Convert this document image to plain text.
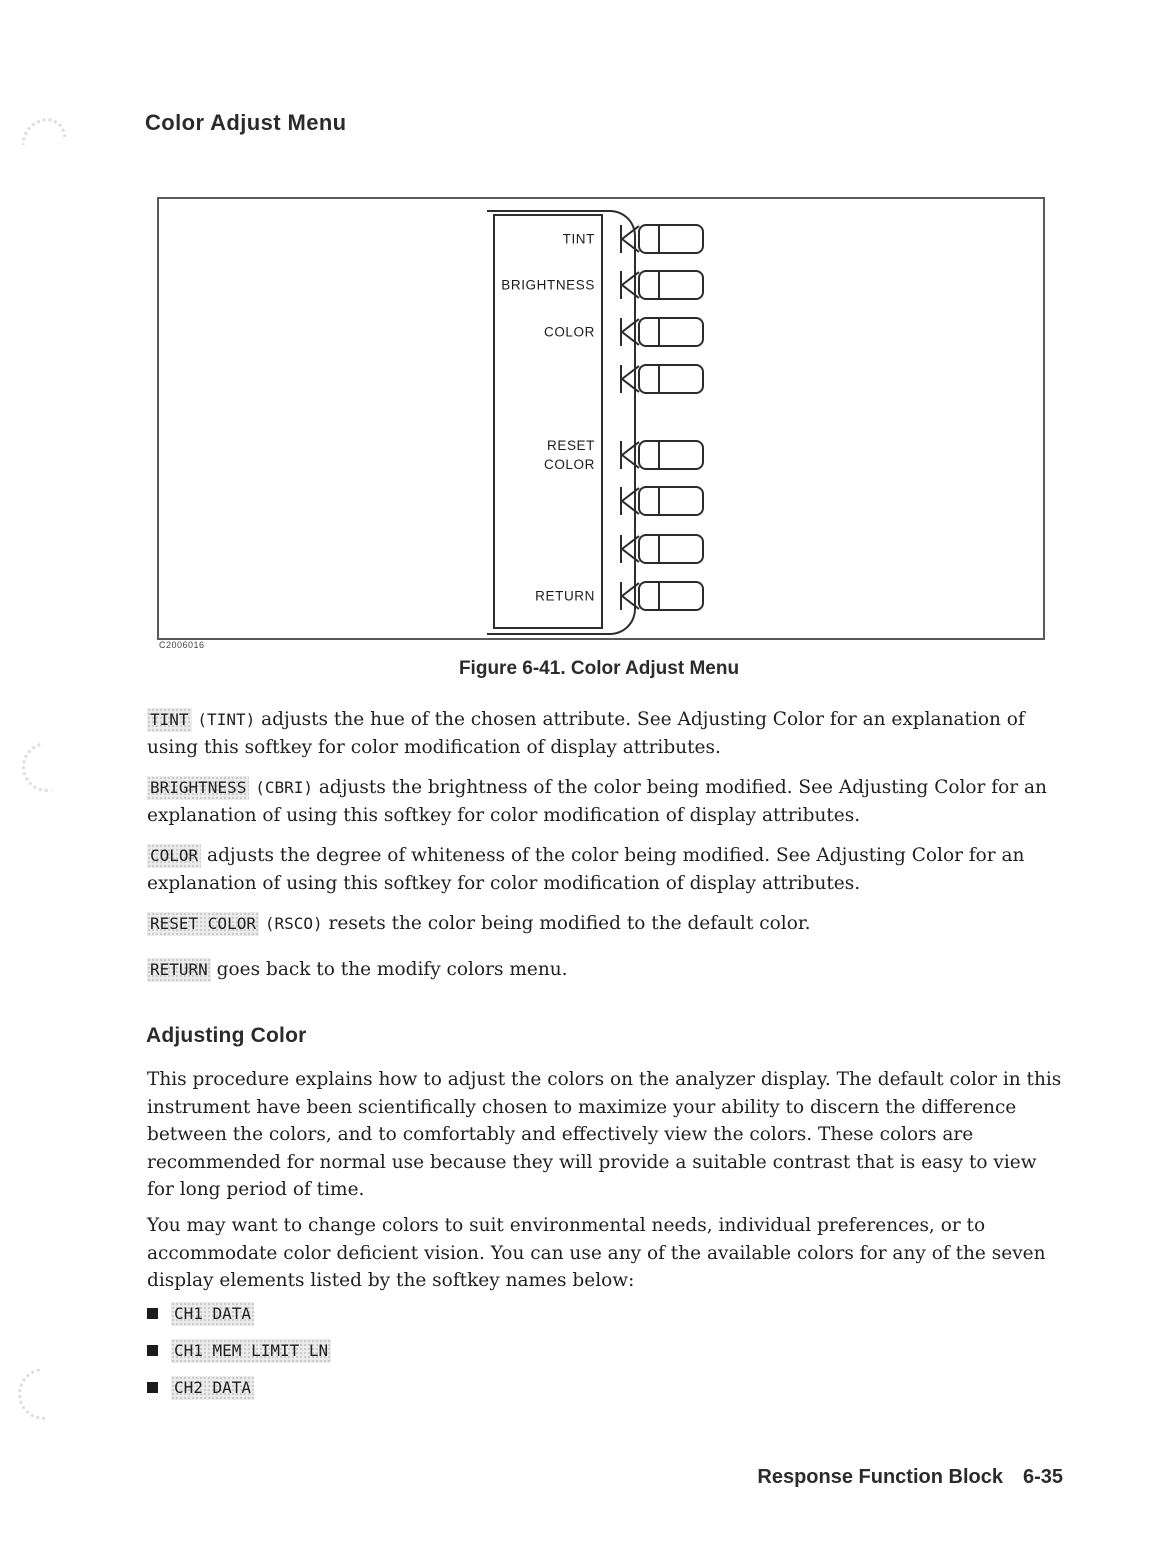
Color Adjust Menu
TINT
BRIGHTNESS
COLOR
RESET
COLOR
RETURN
C2006016

Figure 6-41. Color Adjust Menu

TINT (TINT) adjusts the hue of the chosen attribute. See Adjusting Color for an explanation of using this softkey for color modification of display attributes.

BRIGHTNESS (CBRI) adjusts the brightness of the color being modified. See Adjusting Color for an explanation of using this softkey for color modification of display attributes.

COLOR adjusts the degree of whiteness of the color being modified. See Adjusting Color for an explanation of using this softkey for color modification of display attributes.

RESET COLOR (RSCO) resets the color being modified to the default color.

RETURN goes back to the modify colors menu.

Adjusting Color

This procedure explains how to adjust the colors on the analyzer display. The default color in this instrument have been scientifically chosen to maximize your ability to discern the difference between the colors, and to comfortably and effectively view the colors. These colors are recommended for normal use because they will provide a suitable contrast that is easy to view for long period of time.

You may want to change colors to suit environmental needs, individual preferences, or to accommodate color deficient vision. You can use any of the available colors for any of the seven display elements listed by the softkey names below:

CH1 DATA
CH1 MEM LIMIT LN
CH2 DATA
Response Function Block 6-35
